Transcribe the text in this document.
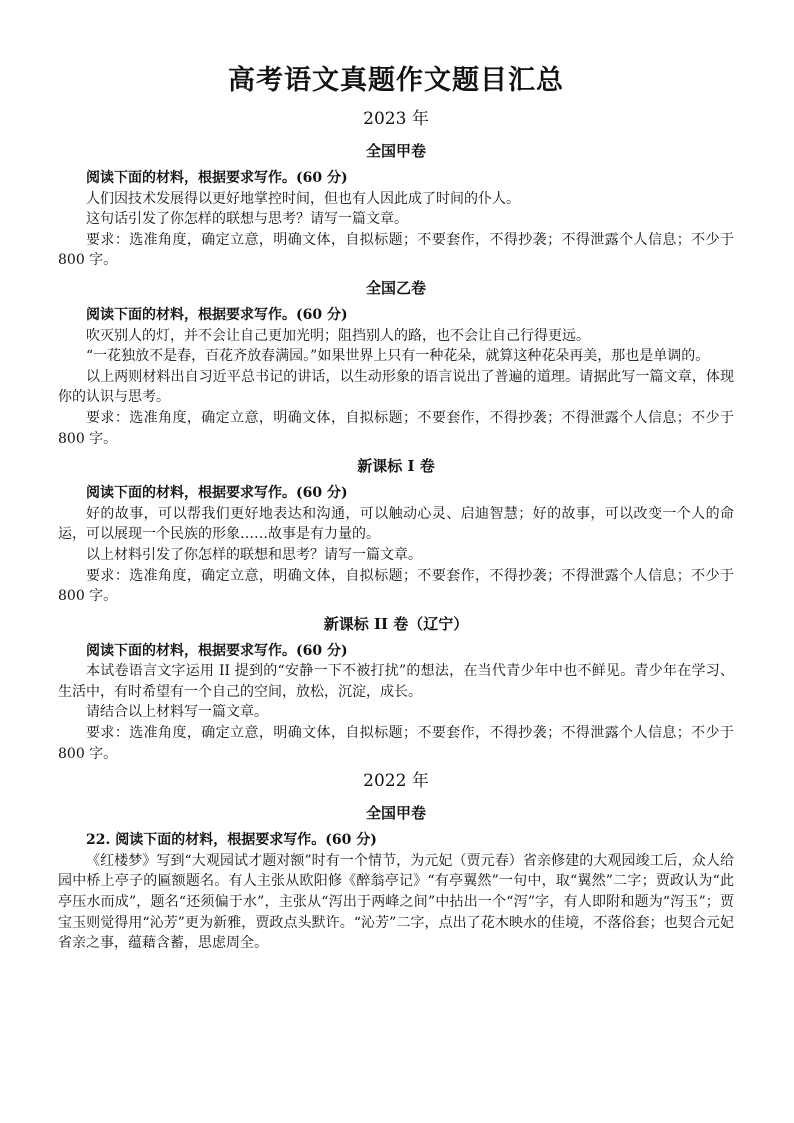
高考语文真题作文题目汇总
2023 年
全国甲卷

阅读下面的材料，根据要求写作。(60 分)

人们因技术发展得以更好地掌控时间，但也有人因此成了时间的仆人。

这句话引发了你怎样的联想与思考？请写一篇文章。

要求：选准角度，确定立意，明确文体，自拟标题；不要套作，不得抄袭；不得泄露个人信息；不少于 800 字。

全国乙卷

阅读下面的材料，根据要求写作。(60 分)

吹灭别人的灯，并不会让自己更加光明；阻挡别人的路，也不会让自己行得更远。

“一花独放不是春，百花齐放春满园。”如果世界上只有一种花朵，就算这种花朵再美，那也是单调的。

以上两则材料出自习近平总书记的讲话，以生动形象的语言说出了普遍的道理。请据此写一篇文章，体现你的认识与思考。

要求：选准角度，确定立意，明确文体，自拟标题；不要套作，不得抄袭；不得泄露个人信息；不少于 800 字。

新课标 I 卷

阅读下面的材料，根据要求写作。(60 分)

好的故事，可以帮我们更好地表达和沟通，可以触动心灵、启迪智慧；好的故事，可以改变一个人的命运，可以展现一个民族的形象……故事是有力量的。

以上材料引发了你怎样的联想和思考？请写一篇文章。

要求：选准角度，确定立意，明确文体，自拟标题；不要套作，不得抄袭；不得泄露个人信息；不少于 800 字。

新课标 II 卷（辽宁）

阅读下面的材料，根据要求写作。(60 分)

本试卷语言文字运用 II 提到的“安静一下不被打扰”的想法，在当代青少年中也不鲜见。青少年在学习、生活中，有时希望有一个自己的空间，放松，沉淀，成长。

请结合以上材料写一篇文章。

要求：选准角度，确定立意，明确文体，自拟标题；不要套作，不得抄袭；不得泄露个人信息；不少于 800 字。

2022 年
全国甲卷

22. 阅读下面的材料，根据要求写作。(60 分)

《红楼梦》写到“大观园试才题对额”时有一个情节，为元妃（贾元春）省亲修建的大观园竣工后，众人给园中桥上亭子的匾额题名。有人主张从欧阳修《醉翁亭记》“有亭翼然”一句中，取“翼然”二字；贾政认为“此亭压水而成”，题名“还须偏于水”，主张从“泻出于两峰之间”中拈出一个“泻”字，有人即附和题为“泻玉”；贾宝玉则觉得用“沁芳”更为新雅，贾政点头默许。“沁芳”二字，点出了花木映水的佳境，不落俗套；也契合元妃省亲之事，蕴藉含蓄，思虑周全。
